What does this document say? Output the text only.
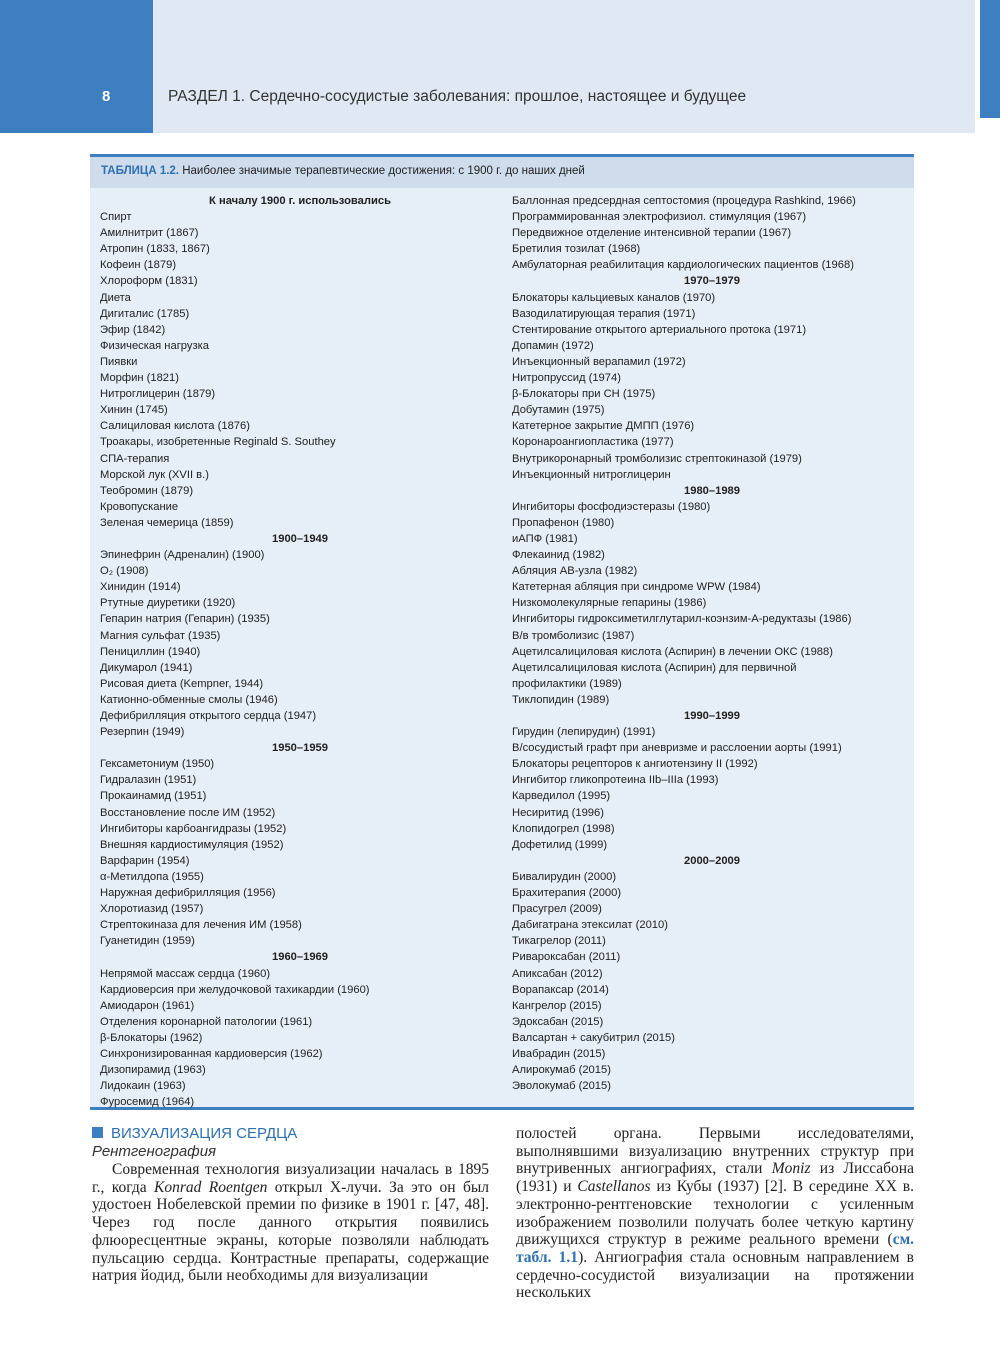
8	РАЗДЕЛ 1. Сердечно-сосудистые заболевания: прошлое, настоящее и будущее
ТАБЛИЦА 1.2. Наиболее значимые терапевтические достижения: с 1900 г. до наших дней
К началу 1900 г. использовались
Спирт
Амилнитрит (1867)
Атропин (1833, 1867)
Кофеин (1879)
Хлороформ (1831)
Диета
Дигиталис (1785)
Эфир (1842)
Физическая нагрузка
Пиявки
Морфин (1821)
Нитроглицерин (1879)
Хинин (1745)
Салициловая кислота (1876)
Троакары, изобретенные Reginald S. Southey
СПА-терапия
Морской лук (XVII в.)
Теобромин (1879)
Кровопускание
Зеленая чемерица (1859)
1900–1949
Эпинефрин (Адреналин) (1900)
O₂ (1908)
Хинидин (1914)
Ртутные диуретики (1920)
Гепарин натрия (Гепарин) (1935)
Магния сульфат (1935)
Пенициллин (1940)
Дикумарол (1941)
Рисовая диета (Kempner, 1944)
Катионно-обменные смолы (1946)
Дефибрилляция открытого сердца (1947)
Резерпин (1949)
1950–1959
Гексаметониум (1950)
Гидралазин (1951)
Прокаинамид (1951)
Восстановление после ИМ (1952)
Ингибиторы карбоангидразы (1952)
Внешняя кардиостимуляция (1952)
Варфарин (1954)
α-Метилдопа (1955)
Наружная дефибрилляция (1956)
Хлоротиазид (1957)
Стрептокиназа для лечения ИМ (1958)
Гуанетидин (1959)
1960–1969
Непрямой массаж сердца (1960)
Кардиоверсия при желудочковой тахикардии (1960)
Амиодарон (1961)
Отделения коронарной патологии (1961)
β-Блокаторы (1962)
Синхронизированная кардиоверсия (1962)
Дизопирамид (1963)
Лидокаин (1963)
Фуросемид (1964)
Баллонная предсердная септостомия (процедура Rashkind, 1966)
Программированная электрофизиол. стимуляция (1967)
Передвижное отделение интенсивной терапии (1967)
Бретилия тозилат (1968)
Амбулаторная реабилитация кардиологических пациентов (1968)
1970–1979
Блокаторы кальциевых каналов (1970)
Вазодилатирующая терапия (1971)
Стентирование открытого артериального протока (1971)
Допамин (1972)
Инъекционный верапамил (1972)
Нитропруссид (1974)
β-Блокаторы при СН (1975)
Добутамин (1975)
Катетерное закрытие ДМПП (1976)
Коронароангиопластика (1977)
Внутрикоронарный тромболизис стрептокиназой (1979)
Инъекционный нитроглицерин
1980–1989
Ингибиторы фосфодиэстеразы (1980)
Пропафенон (1980)
иАПФ (1981)
Флекаинид (1982)
Абляция АВ-узла (1982)
Катетерная абляция при синдроме WPW (1984)
Низкомолекулярные гепарины (1986)
Ингибиторы гидроксиметилглутарил-коэнзим-А-редуктазы (1986)
В/в тромболизис (1987)
Ацетилсалициловая кислота (Аспирин) в лечении ОКС (1988)
Ацетилсалициловая кислота (Аспирин) для первичной
профилактики (1989)
Тиклопидин (1989)
1990–1999
Гирудин (лепирудин) (1991)
В/сосудистый графт при аневризме и расслоении аорты (1991)
Блокаторы рецепторов к ангиотензину II (1992)
Ингибитор гликопротеина IIb–IIIa (1993)
Карведилол (1995)
Несиритид (1996)
Клопидогрел (1998)
Дофетилид (1999)
2000–2009
Бивалирудин (2000)
Брахитерапия (2000)
Прасугрел (2009)
Дабигатрана этексилат (2010)
Тикагрелор (2011)
Ривароксабан (2011)
Апиксабан (2012)
Ворапаксар (2014)
Кангрелор (2015)
Эдоксабан (2015)
Валсартан + сакубитрил (2015)
Ивабрадин (2015)
Алирокумаб (2015)
Эволокумаб (2015)
ВИЗУАЛИЗАЦИЯ СЕРДЦА
Рентгенография
Современная технология визуализации началась в 1895 г., когда Konrad Roentgen открыл X-лучи. За это он был удостоен Нобелевской премии по физике в 1901 г. [47, 48]. Через год после данного открытия появились флюоресцентные экраны, которые позволяли наблюдать пульсацию сердца. Контрастные препараты, содержащие натрия йодид, были необходимы для визуализации
полостей органа. Первыми исследователями, выполнявшими визуализацию внутренних структур при внутривенных ангиографиях, стали Moniz из Лиссабона (1931) и Castellanos из Кубы (1937) [2]. В середине XX в. электронно-рентгеновские технологии с усиленным изображением позволили получать более четкую картину движущихся структур в режиме реального времени (см. табл. 1.1). Ангиография стала основным направлением в сердечно-сосудистой визуализации на протяжении нескольких
